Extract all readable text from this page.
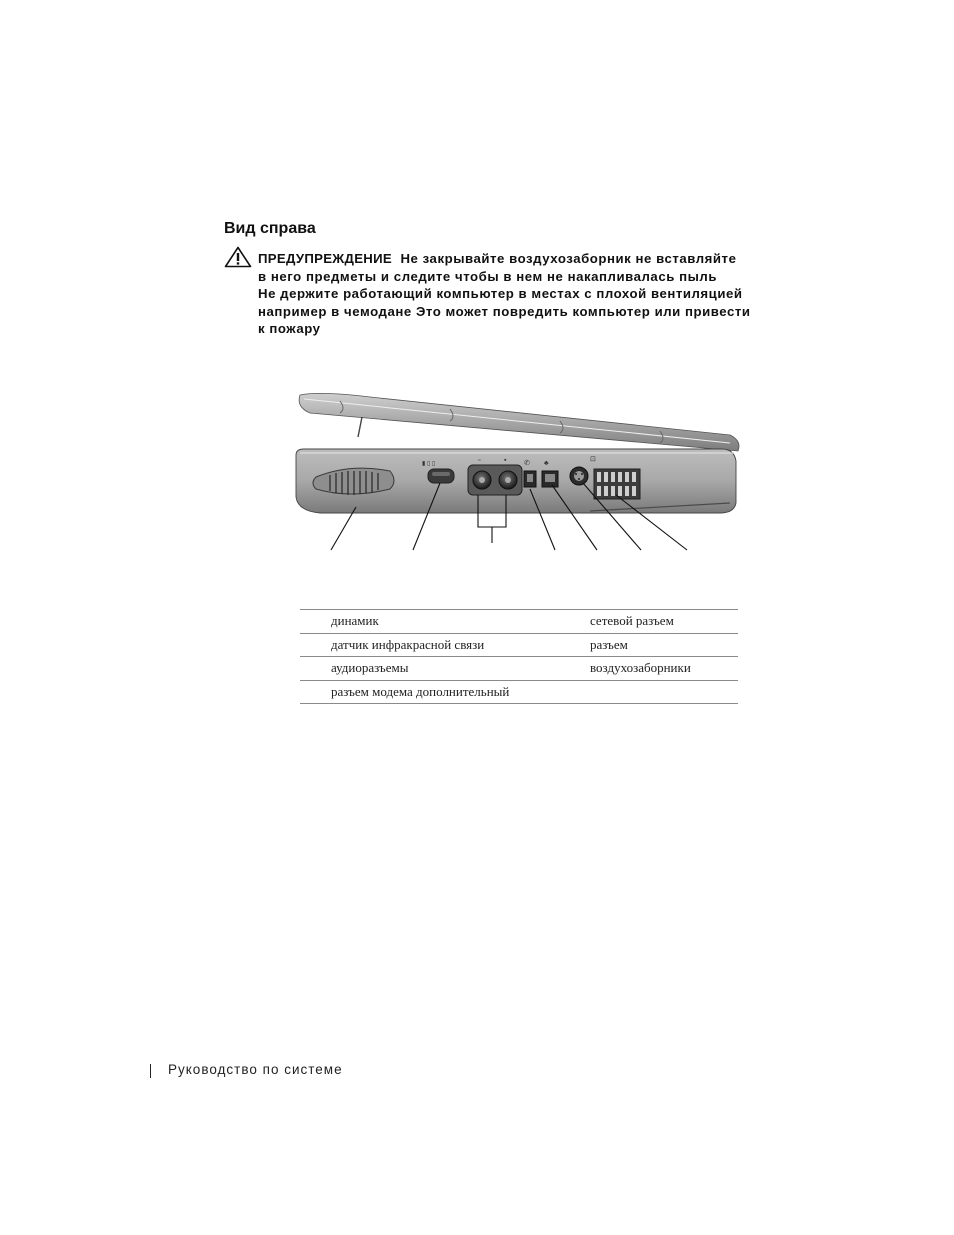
Вид справа
ПРЕДУПРЕЖДЕНИЕ Не закрывайте воздухозаборник не вставляйте
в него предметы и следите чтобы в нем не накапливалась пыль
Не держите работающий компьютер в местах с плохой вентиляцией
например в чемодане Это может повредить компьютер или привести
к пожару
▮ ▯ ▯	▫	▪	✆ ♣
⊡
	динамик		сетевой разъем
	датчик инфракрасной связи		разъем
	аудиоразъемы		воздухозаборники
	разъем модема дополнительный		
Руководство по системе
